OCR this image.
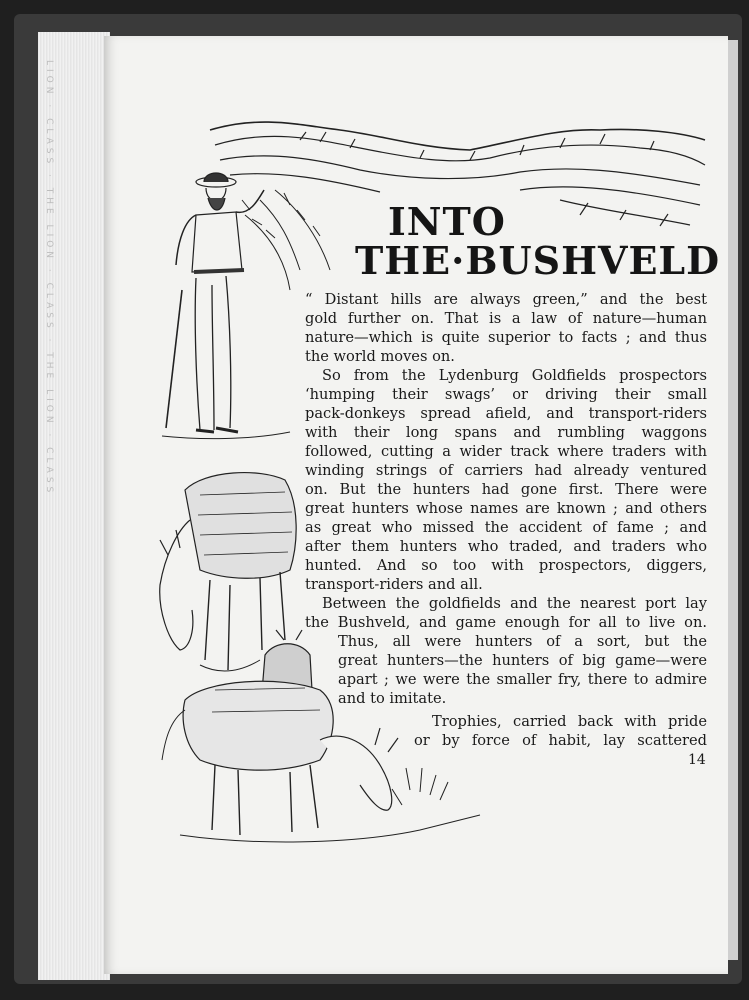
LION · CLASS · THE LION · CLASS · THE LION · CLASS	INTO
THE·BUSHVELD
“ Distant hills are always green,” and the best
gold further on. That is a law of nature—human
nature—which is quite superior to facts ; and thus
the world moves on.
So from the Lydenburg Goldfields prospectors
‘humping their swags’ or driving their small
pack-donkeys spread afield, and transport-riders
with their long spans and rumbling waggons
followed, cutting a wider track where traders with
winding strings of carriers had already ventured
on. But the hunters had gone first. There were
great hunters whose names are known ; and others
as great who missed the accident of fame ; and
after them hunters who traded, and traders who
hunted. And so too with prospectors, diggers,
transport-riders and all.
Between the goldfields and the nearest port lay
the Bushveld, and game enough for all to live on.
Thus, all were hunters of a sort, but the
great hunters—the hunters of big game—were
apart ; we were the smaller fry, there to admire
and to imitate.
Trophies, carried back with pride
or by force of habit, lay scattered
14
